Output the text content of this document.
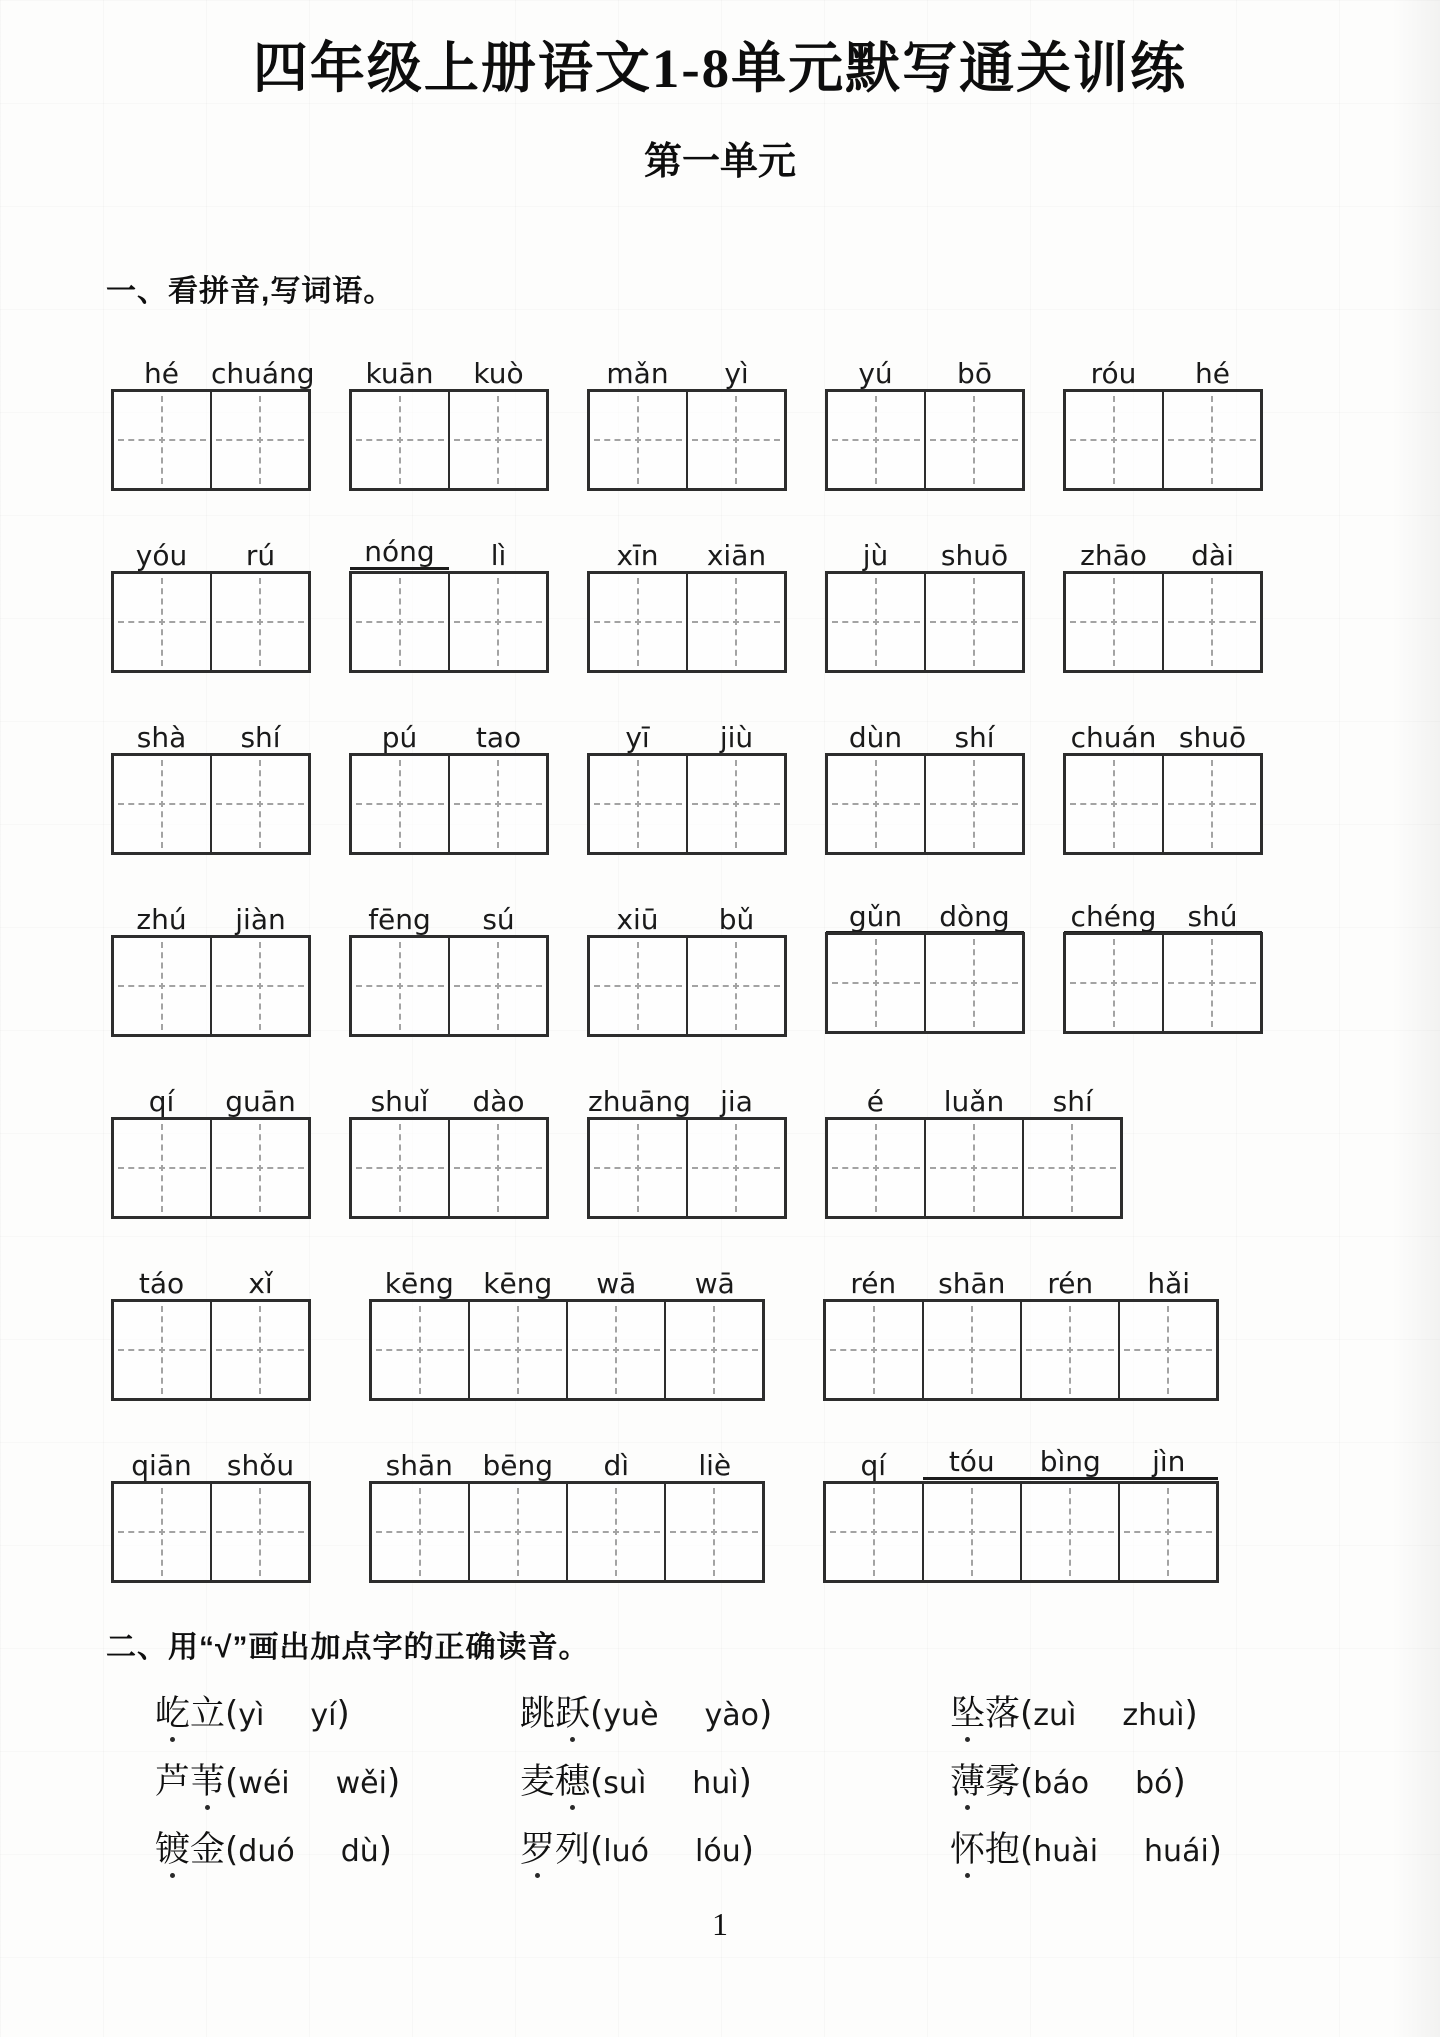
四年级上册语文1-8单元默写通关训练
第一单元
一、看拼音,写词语。
hé	chuáng	kuān	kuò	mǎn	yì	yú	bō	róu	hé
yóu	rú	nóng	lì	xīn	xiān	jù	shuō	zhāo	dài
shà	shí	pú	tao	yī	jiù	dùn	shí	chuán shuō
zhú	jiàn	fēng	sú	xiū	bǔ	gǔn	dòng	chéng	shú
qí	guān	shuǐ	dào	zhuāng	jia	é	luǎn	shí
táo	xǐ	kēng	kēng	wā	wā	rén	shān	rén	hǎi
qiān	shǒu	shān	bēng	dì	liè	qí	tóu	bìng	jìn
二、用“√”画出加点字的正确读音。
屹立(yì yí)	跳跃(yuè yào)	坠落(zuì zhuì)
芦苇(wéi wěi)	麦穗(suì huì)	薄雾(báo bó)
镀金(duó dù)	罗列(luó lóu)	怀抱(huài huái)
1
